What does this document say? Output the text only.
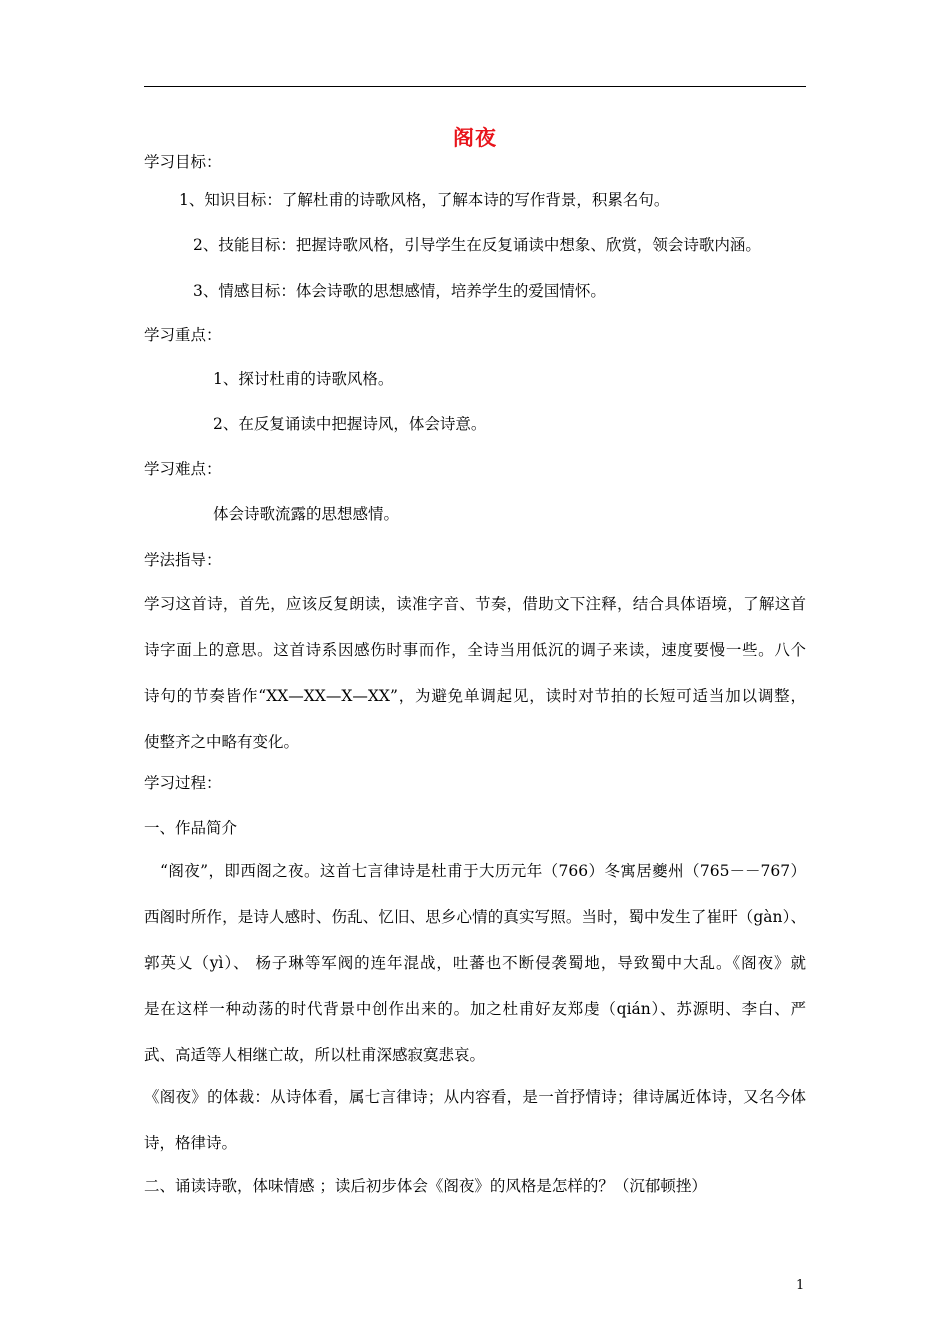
阁夜
学习目标：
1、知识目标：了解杜甫的诗歌风格，了解本诗的写作背景，积累名句。
2、技能目标：把握诗歌风格，引导学生在反复诵读中想象、欣赏，领会诗歌内涵。
3、情感目标：体会诗歌的思想感情，培养学生的爱国情怀。
学习重点：
1、探讨杜甫的诗歌风格。
2、在反复诵读中把握诗风，体会诗意。
学习难点：
体会诗歌流露的思想感情。
学法指导：
学习这首诗，首先，应该反复朗读，读准字音、节奏，借助文下注释，结合具体语境，了解这首
诗字面上的意思。这首诗系因感伤时事而作，全诗当用低沉的调子来读，速度要慢一些。八个
诗句的节奏皆作“XX—XX—X—XX”，为避免单调起见，读时对节拍的长短可适当加以调整，
使整齐之中略有变化。
学习过程：
一、作品简介
“阁夜”，即西阁之夜。这首七言律诗是杜甫于大历元年（766）冬寓居夔州（765－－767）
西阁时所作，是诗人感时、伤乱、忆旧、思乡心情的真实写照。当时，蜀中发生了崔旰（gàn）、
郭英乂（yì）、 杨子琳等军阀的连年混战，吐蕃也不断侵袭蜀地，导致蜀中大乱。《阁夜》就
是在这样一种动荡的时代背景中创作出来的。加之杜甫好友郑虔（qián）、苏源明、李白、严
武、高适等人相继亡故，所以杜甫深感寂寞悲哀。
《阁夜》的体裁：从诗体看，属七言律诗；从内容看，是一首抒情诗；律诗属近体诗，又名今体
诗，格律诗。
二、诵读诗歌，体味情感 ；读后初步体会《阁夜》的风格是怎样的？（沉郁顿挫）
1
